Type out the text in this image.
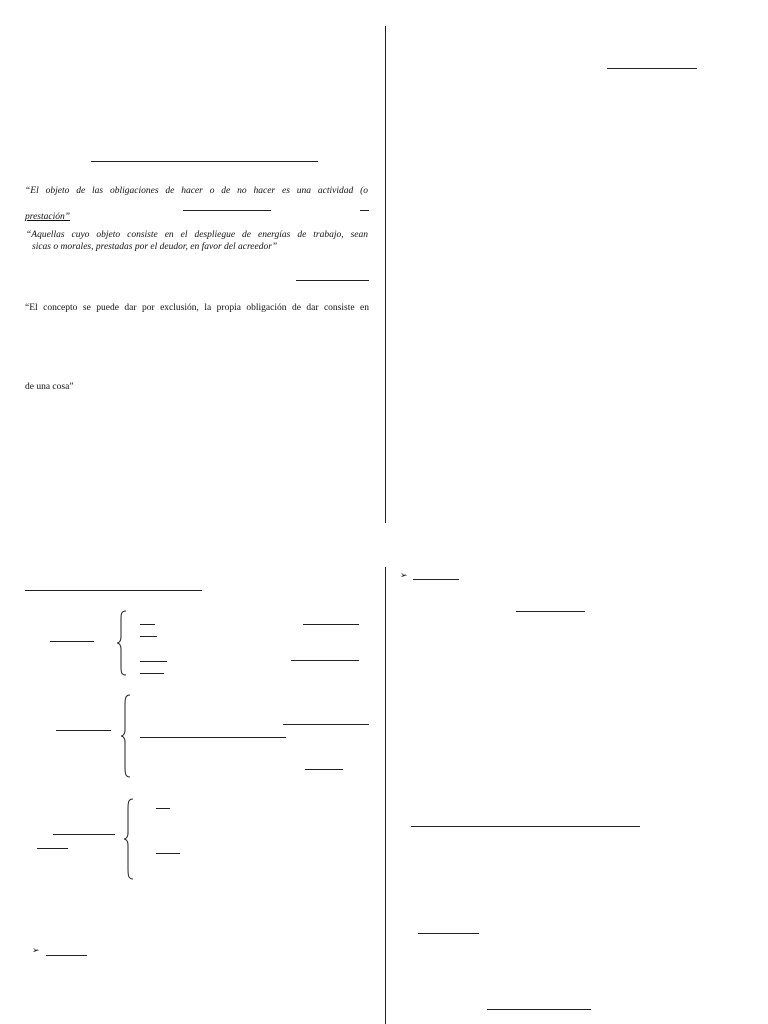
“El objeto de las obligaciones de hacer o de no hacer es una actividad (o
prestación”
“Aquellas cuyo objeto consiste en el despliegue de energías de trabajo, sean
sicas o morales, prestadas por el deudor, en favor del acreedor”
“El concepto se puede dar por exclusión, la propia obligación de dar consiste en
de una cosa”
➢
➢
